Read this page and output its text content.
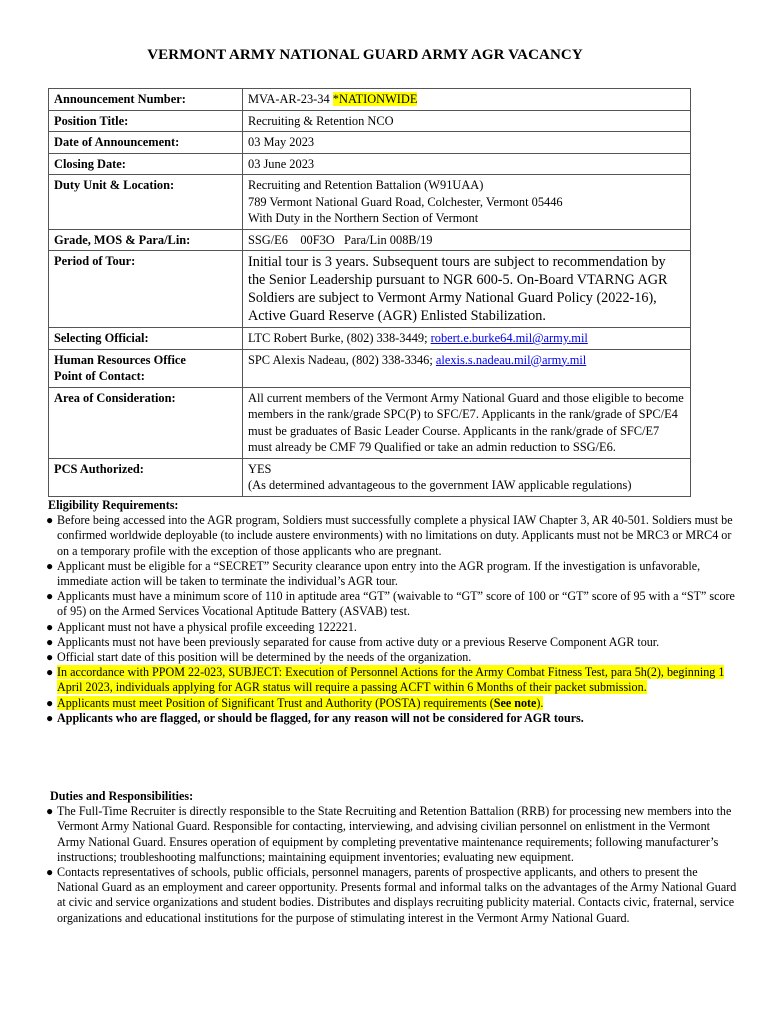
VERMONT ARMY NATIONAL GUARD ARMY AGR VACANCY
Announcement Number:	MVA-AR-23-34 *NATIONWIDE
Position Title:	Recruiting & Retention NCO
Date of Announcement:	03 May 2023
Closing Date:	03 June 2023
Duty Unit & Location:	Recruiting and Retention Battalion (W91UAA)
789 Vermont National Guard Road, Colchester, Vermont 05446
With Duty in the Northern Section of Vermont

Grade, MOS & Para/Lin:	SSG/E6    00F3O   Para/Lin 008B/19
Period of Tour:	Initial tour is 3 years. Subsequent tours are subject to recommendation by the Senior Leadership pursuant to NGR 600-5. On-Board VTARNG AGR Soldiers are subject to Vermont Army National Guard Policy (2022-16), Active Guard Reserve (AGR) Enlisted Stabilization.
Selecting Official:	LTC Robert Burke, (802) 338-3449; robert.e.burke64.mil@army.mil

Human Resources Office
Point of Contact:	SPC Alexis Nadeau, (802) 338-3346; alexis.s.nadeau.mil@army.mil
Area of Consideration:	All current members of the Vermont Army National Guard and those eligible to become members in the rank/grade SPC(P) to SFC/E7. Applicants in the rank/grade of SPC/E4 must be graduates of Basic Leader Course. Applicants in the rank/grade of SFC/E7 must already be CMF 79 Qualified or take an admin reduction to SSG/E6.
PCS Authorized:	YES
(As determined advantageous to the government IAW applicable regulations)
Eligibility Requirements:
● Before being accessed into the AGR program, Soldiers must successfully complete a physical IAW Chapter 3, AR 40-501. Soldiers must be confirmed worldwide deployable (to include austere environments) with no limitations on duty. Applicants must not be MRC3 or MRC4 or on a temporary profile with the exception of those applicants who are pregnant.
● Applicant must be eligible for a “SECRET” Security clearance upon entry into the AGR program. If the investigation is unfavorable, immediate action will be taken to terminate the individual’s AGR tour.
● Applicants must have a minimum score of 110 in aptitude area “GT” (waivable to “GT” score of 100 or “GT” score of 95 with a “ST” score of 95) on the Armed Services Vocational Aptitude Battery (ASVAB) test.
● Applicant must not have a physical profile exceeding 122221.
● Applicants must not have been previously separated for cause from active duty or a previous Reserve Component AGR tour.
● Official start date of this position will be determined by the needs of the organization.
● In accordance with PPOM 22-023, SUBJECT: Execution of Personnel Actions for the Army Combat Fitness Test, para 5h(2), beginning 1 April 2023, individuals applying for AGR status will require a passing ACFT within 6 Months of their packet submission.
● Applicants must meet Position of Significant Trust and Authority (POSTA) requirements (See note).
● Applicants who are flagged, or should be flagged, for any reason will not be considered for AGR tours.
Duties and Responsibilities:
● The Full-Time Recruiter is directly responsible to the State Recruiting and Retention Battalion (RRB) for processing new members into the Vermont Army National Guard. Responsible for contacting, interviewing, and advising civilian personnel on enlistment in the Vermont Army National Guard. Ensures operation of equipment by completing preventative maintenance requirements; following manufacturer’s instructions; troubleshooting malfunctions; maintaining equipment inventories; evaluating new equipment.
● Contacts representatives of schools, public officials, personnel managers, parents of prospective applicants, and others to present the National Guard as an employment and career opportunity. Presents formal and informal talks on the advantages of the Army National Guard at civic and service organizations and student bodies. Distributes and displays recruiting publicity material. Contacts civic, fraternal, service organizations and educational institutions for the purpose of stimulating interest in the Vermont Army National Guard.
